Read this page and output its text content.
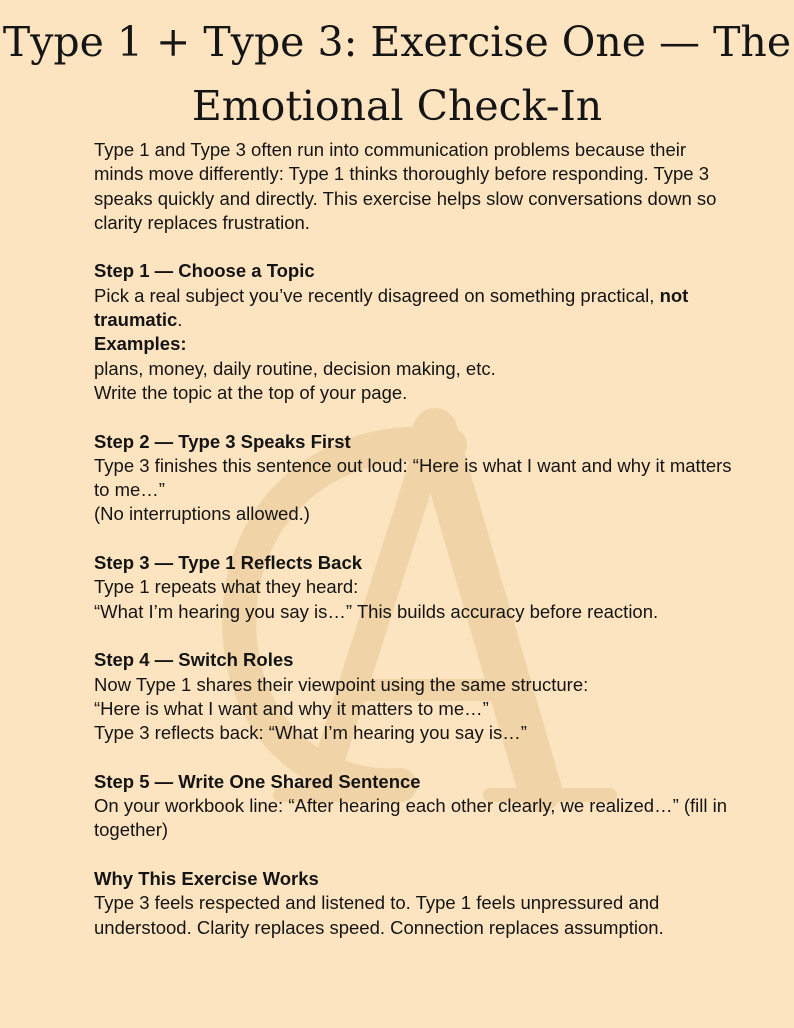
Type 1 + Type 3: Exercise One — The
Emotional Check-In

Type 1 and Type 3 often run into communication problems because their minds move differently: Type 1 thinks thoroughly before responding. Type 3 speaks quickly and directly. This exercise helps slow conversations down so clarity replaces frustration.

Step 1 — Choose a Topic

Pick a real subject you’ve recently disagreed on something practical, not traumatic.

Examples:

plans, money, daily routine, decision making, etc.

Write the topic at the top of your page.

Step 2 — Type 3 Speaks First

Type 3 finishes this sentence out loud: “Here is what I want and why it matters to me…”

(No interruptions allowed.)

Step 3 — Type 1 Reflects Back

Type 1 repeats what they heard:

“What I’m hearing you say is…” This builds accuracy before reaction.

Step 4 — Switch Roles

Now Type 1 shares their viewpoint using the same structure:

“Here is what I want and why it matters to me…”

Type 3 reflects back: “What I’m hearing you say is…”

Step 5 — Write One Shared Sentence

On your workbook line: “After hearing each other clearly, we realized…” (fill in together)

Why This Exercise Works

Type 3 feels respected and listened to. Type 1 feels unpressured and understood. Clarity replaces speed. Connection replaces assumption.
